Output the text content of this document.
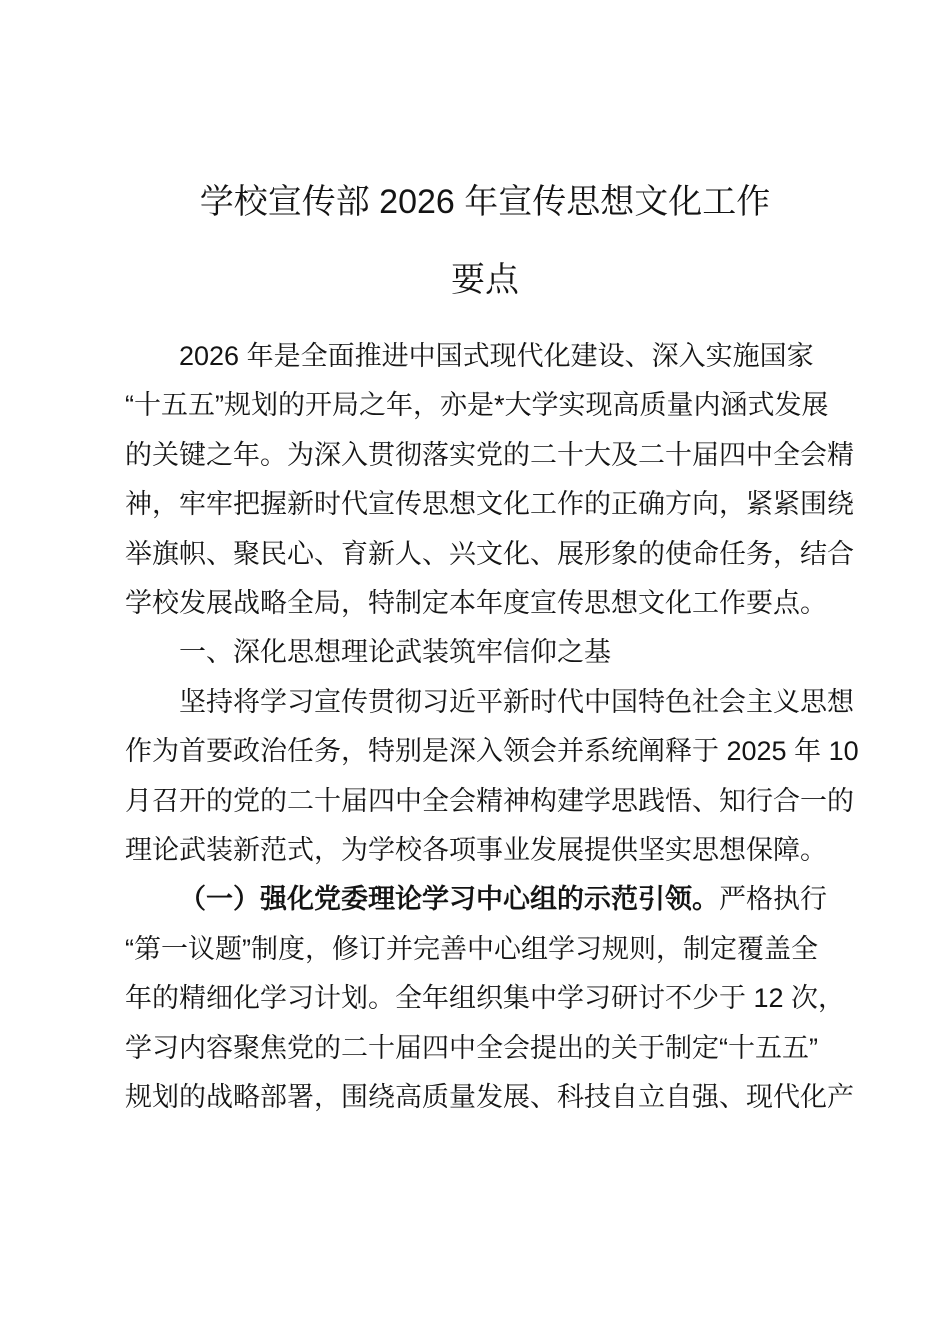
学校宣传部 2026 年宣传思想文化工作
要点
2026 年是全面推进中国式现代化建设、深入实施国家
“十五五”规划的开局之年，亦是*大学实现高质量内涵式发展
的关键之年。为深入贯彻落实党的二十大及二十届四中全会精
神，牢牢把握新时代宣传思想文化工作的正确方向，紧紧围绕
举旗帜、聚民心、育新人、兴文化、展形象的使命任务，结合
学校发展战略全局，特制定本年度宣传思想文化工作要点。
一、深化思想理论武装筑牢信仰之基
坚持将学习宣传贯彻习近平新时代中国特色社会主义思想
作为首要政治任务，特别是深入领会并系统阐释于 2025 年 10
月召开的党的二十届四中全会精神构建学思践悟、知行合一的
理论武装新范式，为学校各项事业发展提供坚实思想保障。
（一）强化党委理论学习中心组的示范引领。严格执行
“第一议题”制度，修订并完善中心组学习规则，制定覆盖全
年的精细化学习计划。全年组织集中学习研讨不少于 12 次，
学习内容聚焦党的二十届四中全会提出的关于制定“十五五”
规划的战略部署，围绕高质量发展、科技自立自强、现代化产
